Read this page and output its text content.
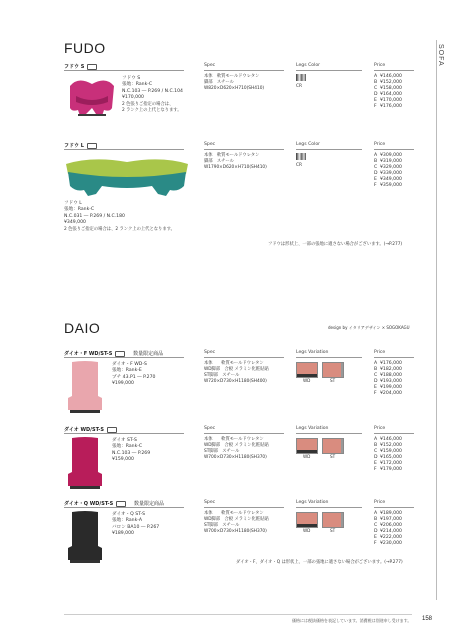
SOFA
FUDO
フドウ S
フドウ S
張地：Rank-C
N.C.103 ― P.269 / N.C.104
¥170,000
2 色張りご指定の場合は、
2 ランク上の上代となります。
Spec
本体　軟質モールドウレタン
脚部　スチール
W820×D620×H710(SH410)
Legs Color
CR
Price
A ¥146,000
B ¥152,000
C ¥158,000
D ¥164,000
E ¥170,000
F ¥176,000
フドウ L
フドウ L
張地：Rank-C
N.C.031 ― P.269 / N.C.180
¥349,000
2 色張りご指定の場合は、2 ランク上の上代となります。
Spec
本体　軟質モールドウレタン
脚部　スチール
W1790×D620×H710(SH410)
Legs Color
CR
Price
A ¥309,000
B ¥319,000
C ¥329,000
D ¥339,000
E ¥349,000
F ¥359,000
フドウは形状上、一部の張地に適さない場合がございます。(→P.277)
DAIO	design by イタリアデザイン × SOGOKAGU
ダイオ・F WD/ST-S	数量限定商品
ダイオ・F WD-S
張地：Rank-E
プチ 43.P1 ― P.270
¥199,000
Spec
本体　　軟質モールドウレタン
WD脚部　合板 メラミン化粧貼貼
ST脚部　スチール
W720×D730×H1180(SH400)
Legs Variation
WD	ST
Price
A ¥176,000
B ¥182,000
C ¥188,000
D ¥193,000
E ¥199,000
F ¥204,000
ダイオ WD/ST-S
ダイオ ST-S
張地：Rank-C
N.C.103 ― P.269
¥159,000
Spec
本体　　軟質モールドウレタン
WD脚部　合板 メラミン化粧貼貼
ST脚部　スチール
W700×D730×H1180(SH370)
Legs Variation
WD	ST
Price
A ¥146,000
B ¥152,000
C ¥159,000
D ¥165,000
E ¥172,000
F ¥179,000
ダイオ・Q WD/ST-S	数量限定商品
ダイオ・Q ST-S
張地：Rank-A
バロン BA10 ― P.267
¥189,000
Spec
本体　　軟質モールドウレタン
WD脚部　合板 メラミン化粧貼貼
ST脚部　スチール
W700×D730×H1180(SH370)
Legs Variation
WD	ST
Price
A ¥189,000
B ¥197,000
C ¥206,000
D ¥214,000
E ¥222,000
F ¥230,000
ダイオ・F、ダイオ・Q は形状上、一部の張地に適さない場合がございます。(→P.277)
価格には税抜価格を表記しています。消費税は別途申し受けます。 158
